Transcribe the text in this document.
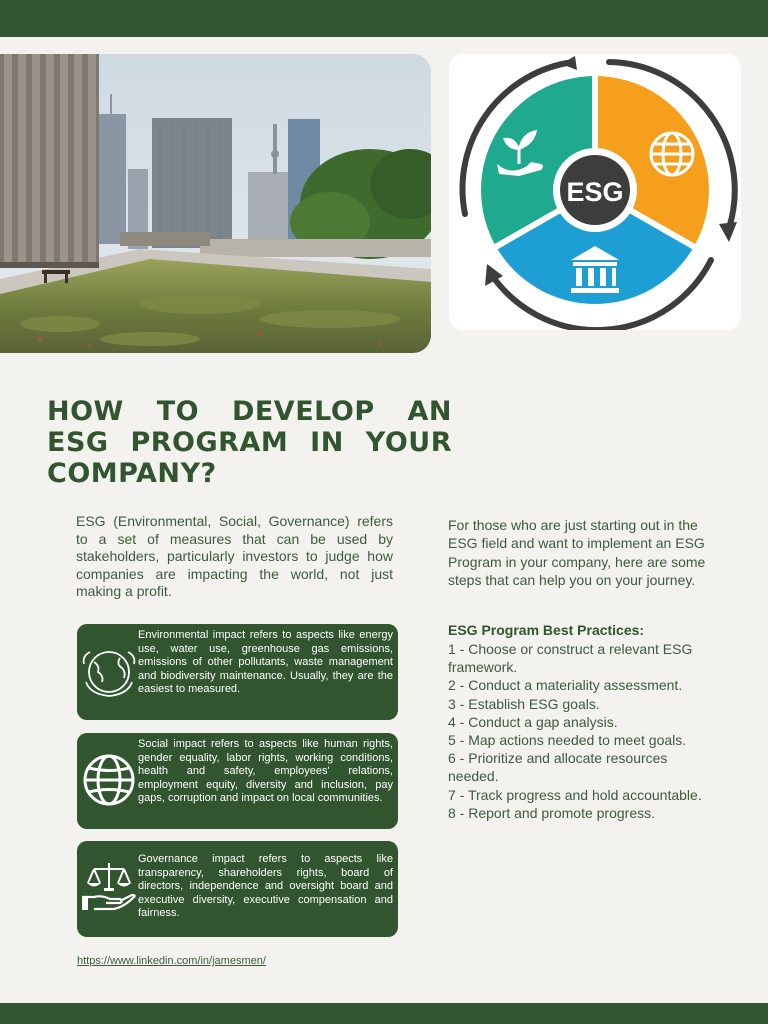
ESG
HOW TO DEVELOP AN
ESG PROGRAM IN YOUR
COMPANY?

ESG (Environmental, Social, Governance) refers to a set of measures that can be used by stakeholders, particularly investors to judge how companies are impacting the world, not just making a profit.

Environmental impact refers to aspects like energy use, water use, greenhouse gas emissions, emissions of other pollutants, waste management and biodiversity maintenance. Usually, they are the easiest to measured.

Social impact refers to aspects like human rights, gender equality, labor rights, working conditions, health and safety, employees' relations, employment equity, diversity and inclusion, pay gaps, corruption and impact on local communities.

Governance impact refers to aspects like transparency, shareholders rights, board of directors, independence and oversight board and executive diversity, executive compensation and fairness.

https://www.linkedin.com/in/jamesmen/

For those who are just starting out in the ESG field and want to implement an ESG Program in your company, here are some steps that can help you on your journey.

ESG Program Best Practices:

1 - Choose or construct a relevant ESG framework.
2 - Conduct a materiality assessment.
3 - Establish ESG goals.
4 - Conduct a gap analysis.
5 - Map actions needed to meet goals.
6 - Prioritize and allocate resources needed.
7 - Track progress and hold accountable.
8 - Report and promote progress.
